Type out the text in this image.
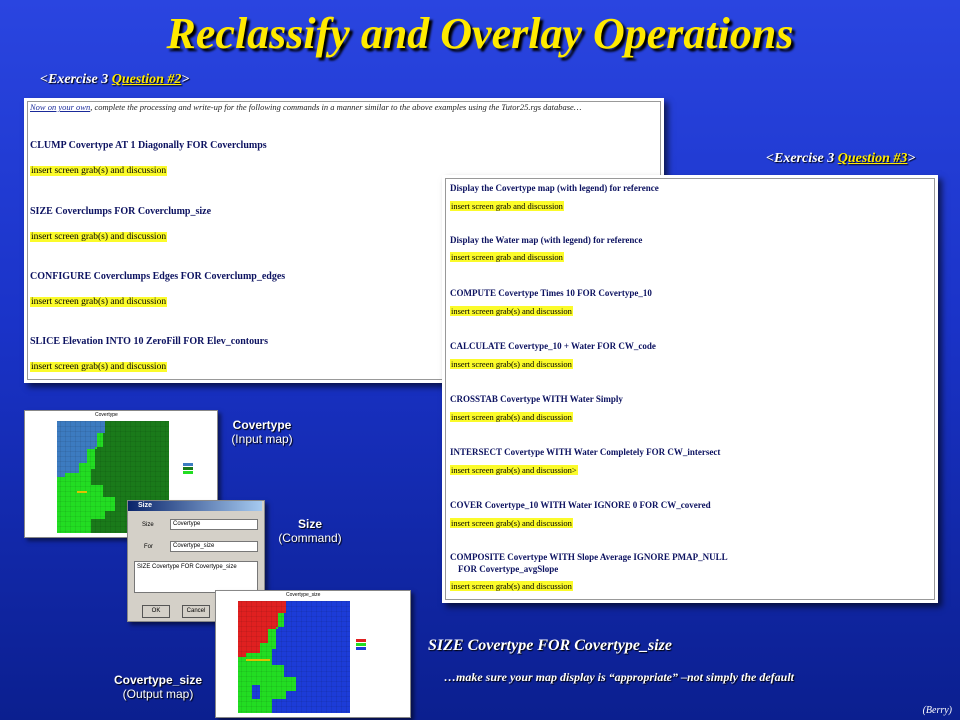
Reclassify and Overlay Operations
<Exercise 3 Question #2>
Now on your own, complete the processing and write-up for the following commands in a manner similar to the above examples using the Tutor25.rgs database…
CLUMP Covertype AT 1 Diagonally FOR Coverclumps
insert screen grab(s) and discussion
SIZE Coverclumps FOR Coverclump_size
insert screen grab(s) and discussion
CONFIGURE Coverclumps Edges FOR Coverclump_edges
insert screen grab(s) and discussion
SLICE Elevation INTO 10 ZeroFill FOR Elev_contours
insert screen grab(s) and discussion
<Exercise 3 Question #3>
Display the Covertype map (with legend) for reference
insert screen grab and discussion
Display the Water map (with legend) for reference
insert screen grab and discussion
COMPUTE Covertype Times 10 FOR Covertype_10
insert screen grab(s) and discussion
CALCULATE Covertype_10 + Water FOR CW_code
insert screen grab(s) and discussion
CROSSTAB Covertype WITH Water Simply
insert screen grab(s) and discussion
INTERSECT Covertype WITH Water Completely FOR CW_intersect
insert screen grab(s) and discussion>
COVER Covertype_10 WITH Water IGNORE 0 FOR CW_covered
insert screen grab(s) and discussion
COMPOSITE Covertype WITH Slope Average IGNORE PMAP_NULL
FOR Covertype_avgSlope
insert screen grab(s) and discussion
Covertype
Covertype
(Input map)
Size
Size	Covertype
For	Covertype_size
SIZE Covertype FOR Covertype_size
OK	Cancel
Size
(Command)
Covertype_size
Covertype_size
(Output map)
SIZE Covertype FOR Covertype_size
…make sure your map display is “appropriate” –not simply the default
(Berry)
